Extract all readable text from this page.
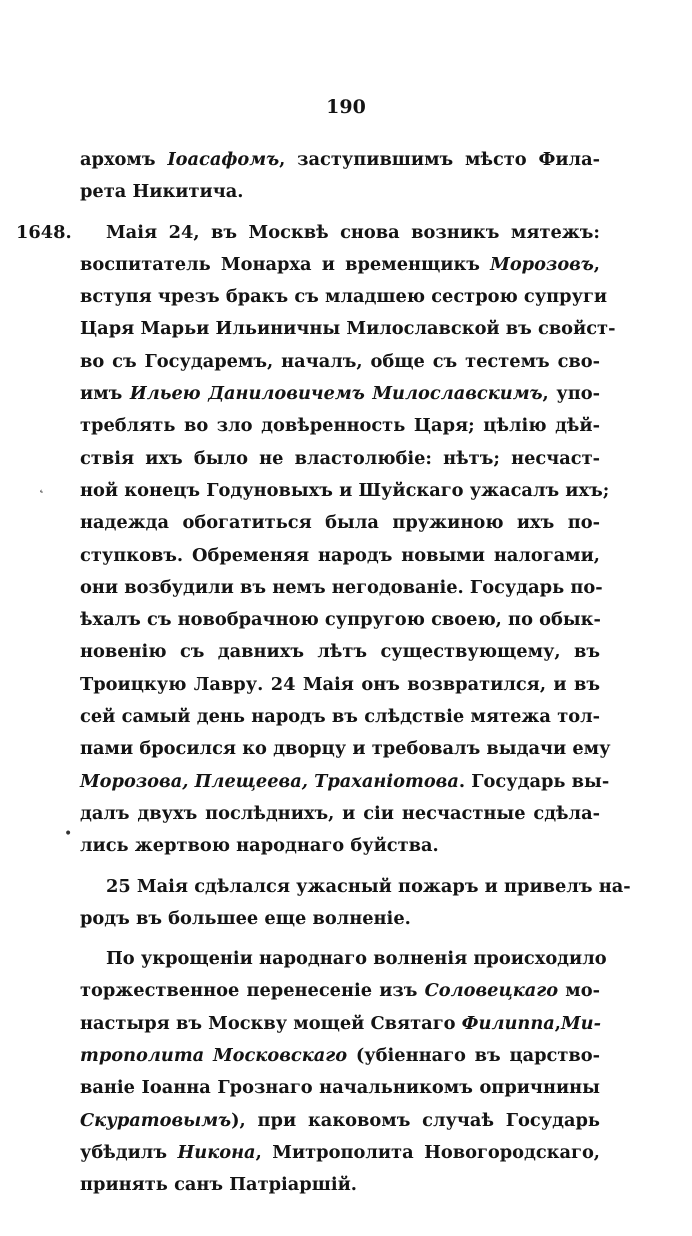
190
архомъ Іоасафомъ, заступившимъ мѣсто Фила-
рета Никитича.
1648. Маія 24, въ Москвѣ снова возникъ мятежъ:
воспитатель Монарха и временщикъ Морозовъ,
вступя чрезъ бракъ съ младшею сестрою супруги
Царя Марьи Ильиничны Милославской въ свойст-
во съ Государемъ, началъ, обще съ тестемъ сво-
имъ Ильею Даниловичемъ Милославскимъ, упо-
треблять во зло довѣренность Царя; цѣлію дѣй-
ствія ихъ было не властолюбіе: нѣтъ; несчаст-
ной конецъ Годуновыхъ и Шуйскаго ужасалъ ихъ;
надежда обогатиться была пружиною ихъ по-
ступковъ. Обременяя народъ новыми налогами,
они возбудили въ немъ негодованіе. Государь по-
ѣхалъ съ новобрачною супругою своею, по обык-
новенію съ давнихъ лѣтъ существующему, въ
Троицкую Лавру. 24 Маія онъ возвратился, и въ
сей самый день народъ въ слѣдствіе мятежа тол-
пами бросился ко дворцу и требовалъ выдачи ему
Морозова, Плещеева, Траханіотова. Государь вы-
далъ двухъ послѣднихъ, и сіи несчастные сдѣла-
лись жертвою народнаго буйства.
25 Маія сдѣлался ужасный пожаръ и привелъ на-
родъ въ большее еще волненіе.
По укрощеніи народнаго волненія происходило
торжественное перенесеніе изъ Соловецкаго мо-
настыря въ Москву мощей Святаго Филиппа,Ми-
трополита Московскаго (убіеннаго въ царство-
ваніе Іоанна Грознаго начальникомъ опричнины
Скуратовымъ), при каковомъ случаѣ Государь
убѣдилъ Никона, Митрополита Новогородскаго,
принять санъ Патріаршій.
˛
•
